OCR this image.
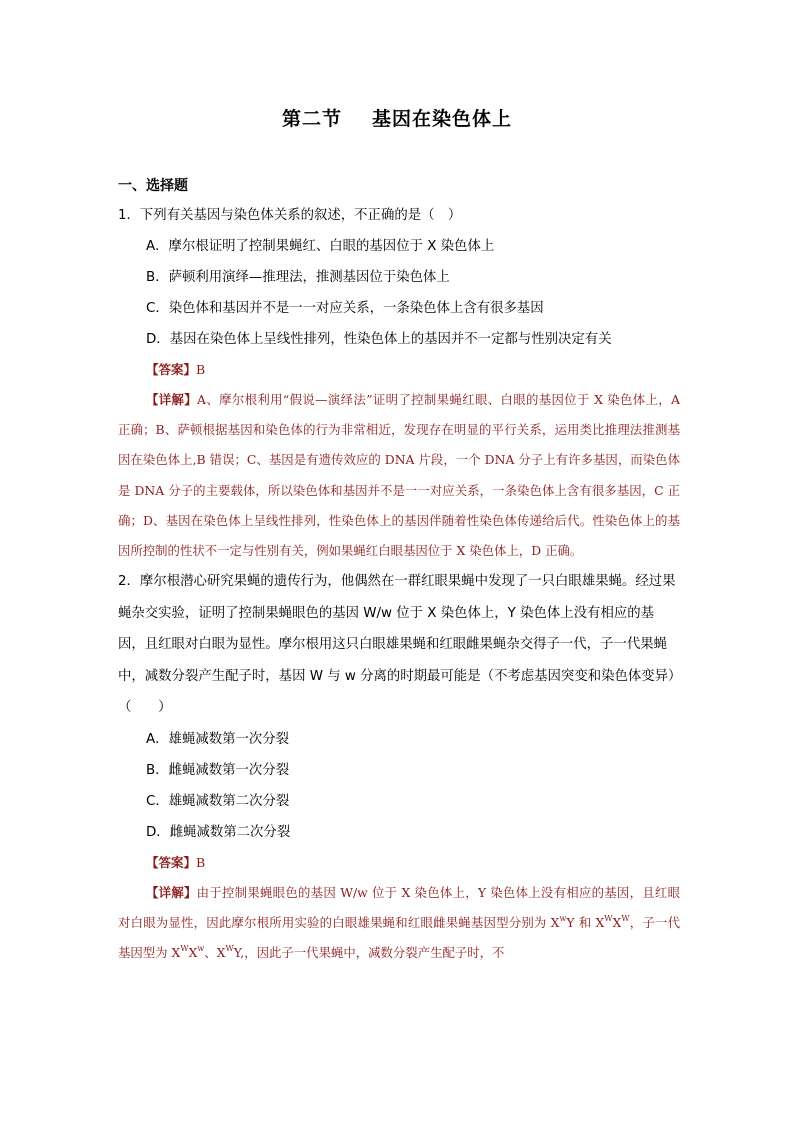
第二节 基因在染色体上
一、选择题
1．下列有关基因与染色体关系的叙述，不正确的是（　）
A．摩尔根证明了控制果蝇红、白眼的基因位于 X 染色体上
B．萨顿利用演绎—推理法，推测基因位于染色体上
C．染色体和基因并不是一一对应关系，一条染色体上含有很多基因
D．基因在染色体上呈线性排列，性染色体上的基因并不一定都与性别决定有关
【答案】B

【详解】A、摩尔根利用“假说—演绎法”证明了控制果蝇红眼、白眼的基因位于 X 染色体上，A 正确；B、萨顿根据基因和染色体的行为非常相近，发现存在明显的平行关系，运用类比推理法推测基因在染色体上,B 错误；C、基因是有遗传效应的 DNA 片段，一个 DNA 分子上有许多基因，而染色体是 DNA 分子的主要载体，所以染色体和基因并不是一一对应关系，一条染色体上含有很多基因，C 正确；D、基因在染色体上呈线性排列，性染色体上的基因伴随着性染色体传递给后代。性染色体上的基因所控制的性状不一定与性别有关，例如果蝇红白眼基因位于 X 染色体上，D 正确。

2．摩尔根潜心研究果蝇的遗传行为，他偶然在一群红眼果蝇中发现了一只白眼雄果蝇。经过果蝇杂交实验，证明了控制果蝇眼色的基因 W/w 位于 X 染色体上，Y 染色体上没有相应的基因，且红眼对白眼为显性。摩尔根用这只白眼雄果蝇和红眼雌果蝇杂交得子一代，子一代果蝇中，减数分裂产生配子时，基因 W 与 w 分离的时期最可能是（不考虑基因突变和染色体变异）（　　）
A．雄蝇减数第一次分裂
B．雌蝇减数第一次分裂
C．雄蝇减数第二次分裂
D．雌蝇减数第二次分裂
【答案】B

【详解】由于控制果蝇眼色的基因 W/w 位于 X 染色体上，Y 染色体上没有相应的基因，且红眼对白眼为显性，因此摩尔根所用实验的白眼雄果蝇和红眼雌果蝇基因型分别为 $X^wY$ 和 $X^WX^W$，子一代基因型为 $X^WX^w$、$X^WY$,，因此子一代果蝇中，减数分裂产生配子时，不
